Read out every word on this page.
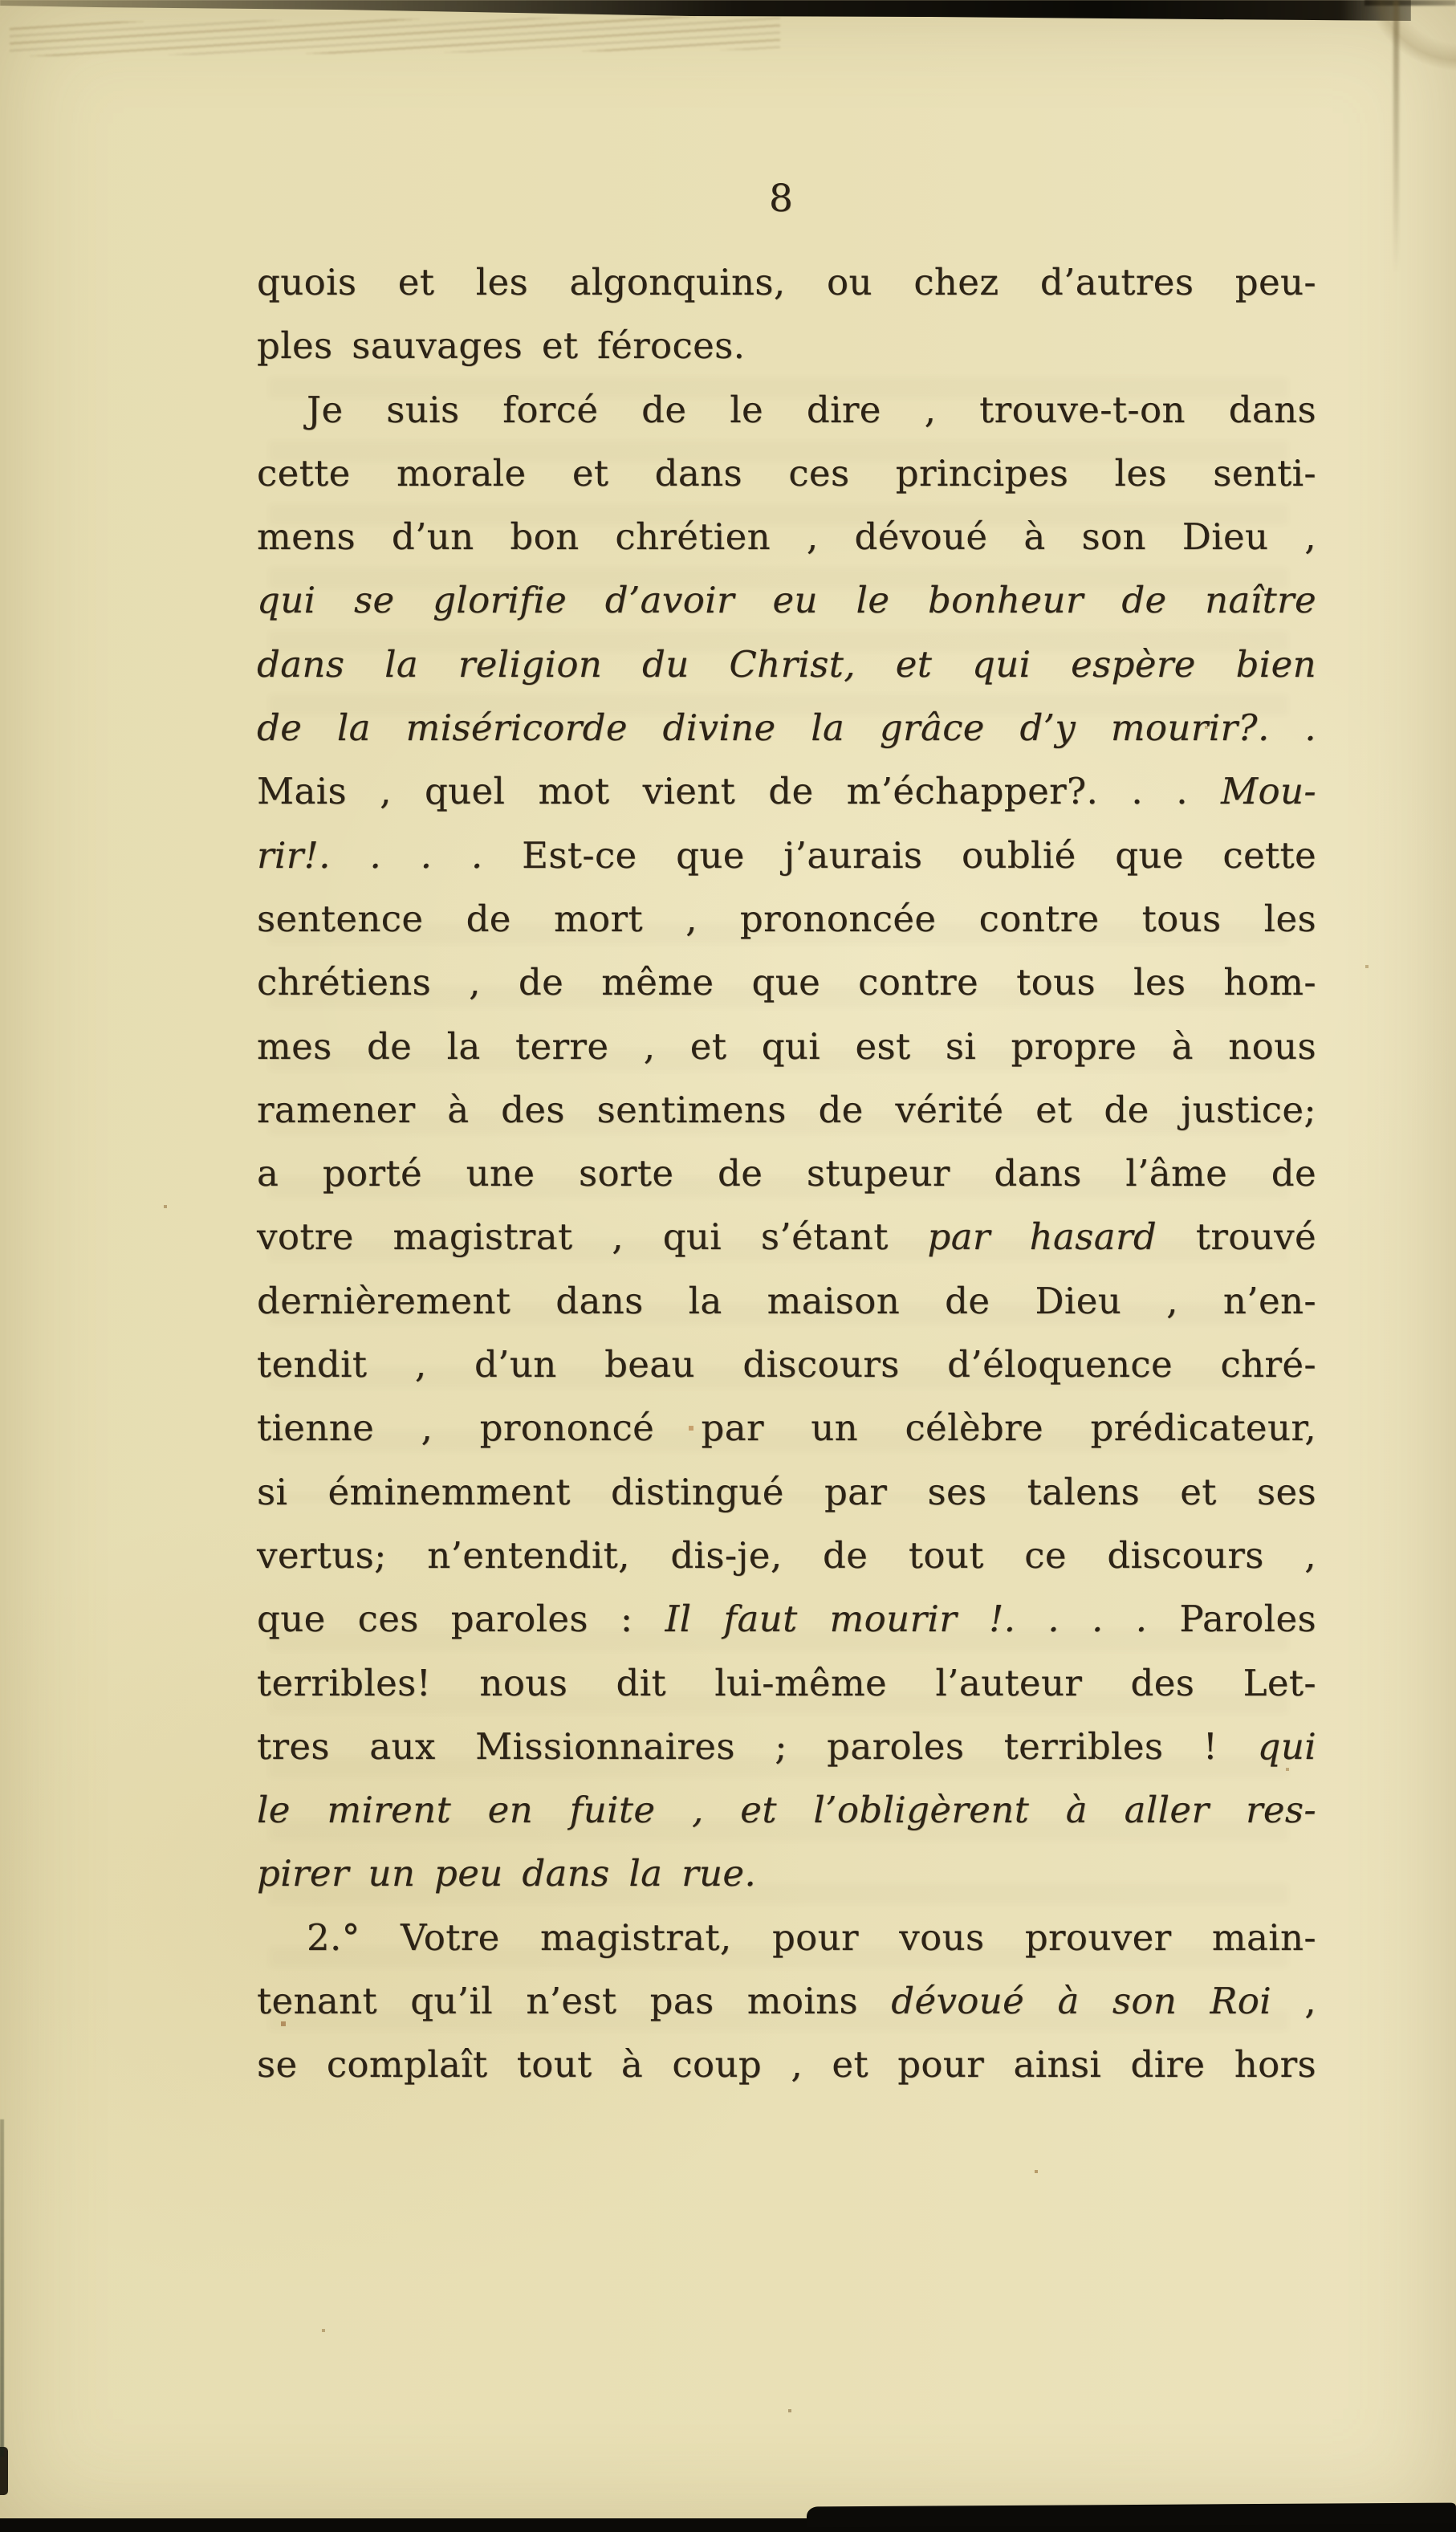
8
quois et les algonquins, ou chez d’autres peu-
ples sauvages et féroces.
Je suis forcé de le dire , trouve-t-on dans
cette morale et dans ces principes les senti-
mens d’un bon chrétien , dévoué à son Dieu ,
qui se glorifie d’avoir eu le bonheur de naître
dans la religion du Christ, et qui espère bien
de la miséricorde divine la grâce d’y mourir?. .
Mais , quel mot vient de m’échapper?. . . Mou-
rir!. . . . Est-ce que j’aurais oublié que cette
sentence de mort , prononcée contre tous les
chrétiens , de même que contre tous les hom-
mes de la terre , et qui est si propre à nous
ramener à des sentimens de vérité et de justice;
a porté une sorte de stupeur dans l’âme de
votre magistrat , qui s’étant par hasard trouvé
dernièrement dans la maison de Dieu , n’en-
tendit , d’un beau discours d’éloquence chré-
tienne , prononcé par un célèbre prédicateur,
si éminemment distingué par ses talens et ses
vertus; n’entendit, dis-je, de tout ce discours ,
que ces paroles : Il faut mourir !. . . . Paroles
terribles! nous dit lui-même l’auteur des Let-
tres aux Missionnaires ; paroles terribles ! qui
le mirent en fuite , et l’obligèrent à aller res-
pirer un peu dans la rue.
2.° Votre magistrat, pour vous prouver main-
tenant qu’il n’est pas moins dévoué à son Roi ,
se complaît tout à coup , et pour ainsi dire hors
